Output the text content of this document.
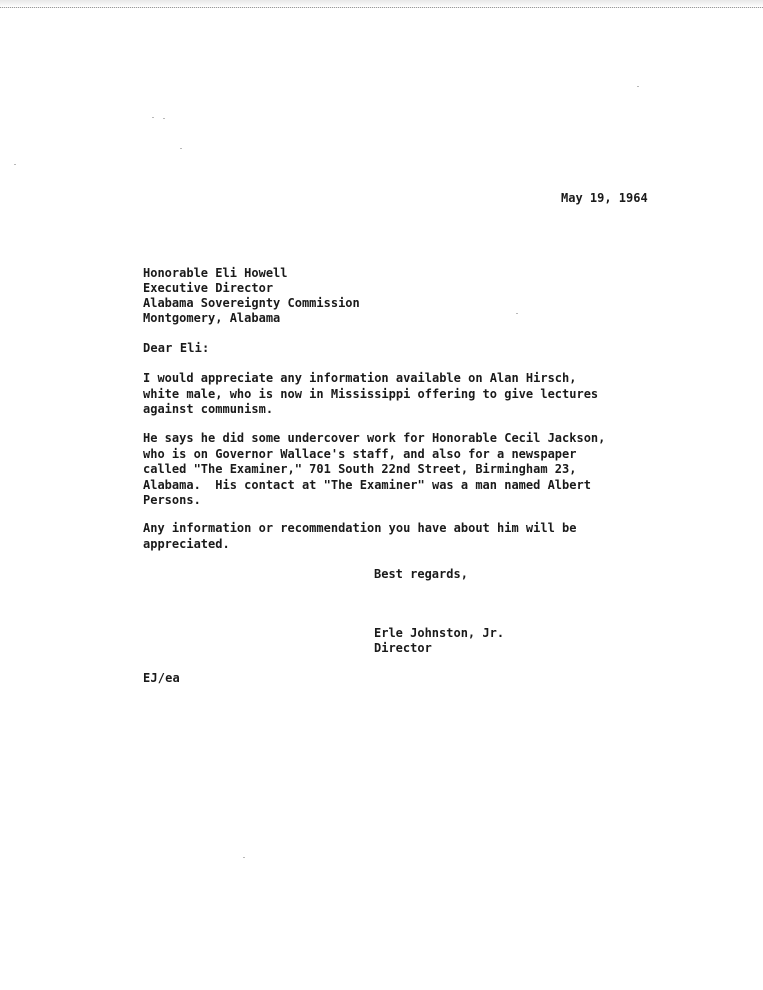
May 19, 1964
Honorable Eli Howell
Executive Director
Alabama Sovereignty Commission
Montgomery, Alabama
Dear Eli:
I would appreciate any information available on Alan Hirsch,
white male, who is now in Mississippi offering to give lectures
against communism.
He says he did some undercover work for Honorable Cecil Jackson,
who is on Governor Wallace's staff, and also for a newspaper
called "The Examiner," 701 South 22nd Street, Birmingham 23,
Alabama.  His contact at "The Examiner" was a man named Albert
Persons.
Any information or recommendation you have about him will be
appreciated.
Best regards,
Erle Johnston, Jr.
Director
EJ/ea
